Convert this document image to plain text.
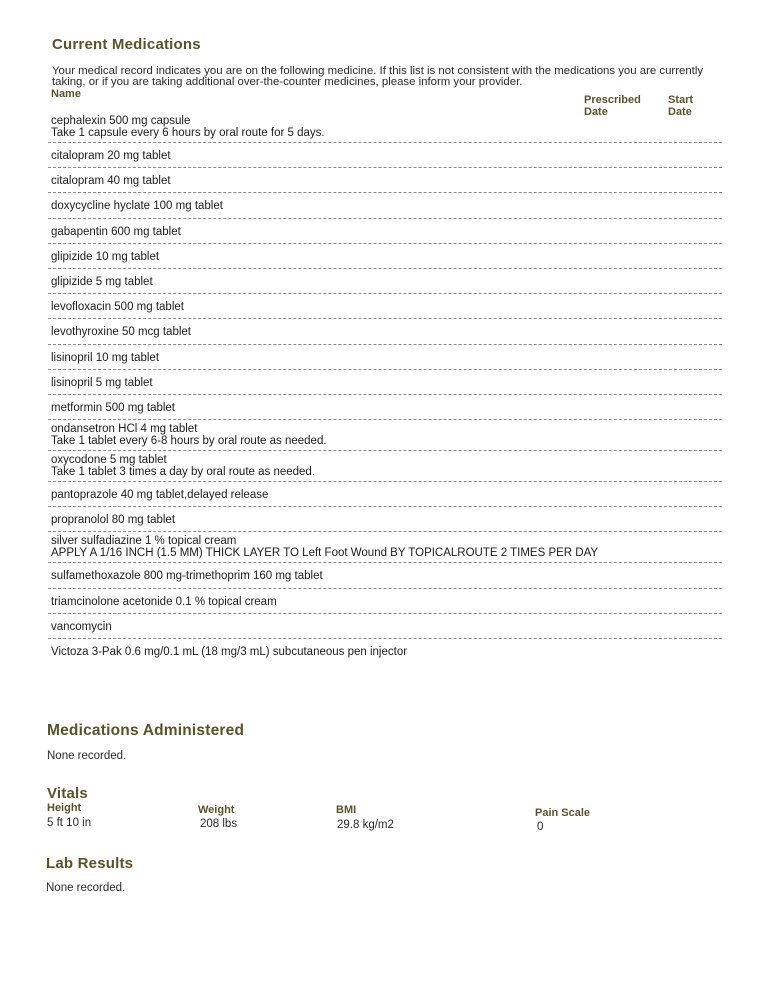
Current Medications
Your medical record indicates you are on the following medicine. If this list is not consistent with the medications you are currently taking, or if you are taking additional over-the-counter medicines, please inform your provider.
Name	Prescribed
Date
Start
Date
cephalexin 500 mg capsule
Take 1 capsule every 6 hours by oral route for 5 days.
citalopram 20 mg tablet
citalopram 40 mg tablet
doxycycline hyclate 100 mg tablet
gabapentin 600 mg tablet
glipizide 10 mg tablet
glipizide 5 mg tablet
levofloxacin 500 mg tablet
levothyroxine 50 mcg tablet
lisinopril 10 mg tablet
lisinopril 5 mg tablet
metformin 500 mg tablet
ondansetron HCl 4 mg tablet
Take 1 tablet every 6-8 hours by oral route as needed.
oxycodone 5 mg tablet
Take 1 tablet 3 times a day by oral route as needed.
pantoprazole 40 mg tablet,delayed release
propranolol 80 mg tablet
silver sulfadiazine 1 % topical cream
APPLY A 1/16 INCH (1.5 MM) THICK LAYER TO Left Foot Wound BY TOPICALROUTE 2 TIMES PER DAY
sulfamethoxazole 800 mg-trimethoprim 160 mg tablet
triamcinolone acetonide 0.1 % topical cream
vancomycin
Victoza 3-Pak 0.6 mg/0.1 mL (18 mg/3 mL) subcutaneous pen injector
Medications Administered
None recorded.
Vitals
Height
5 ft 10 in
Weight
208 lbs
BMI
29.8 kg/m2
Pain Scale
0
Lab Results
None recorded.
